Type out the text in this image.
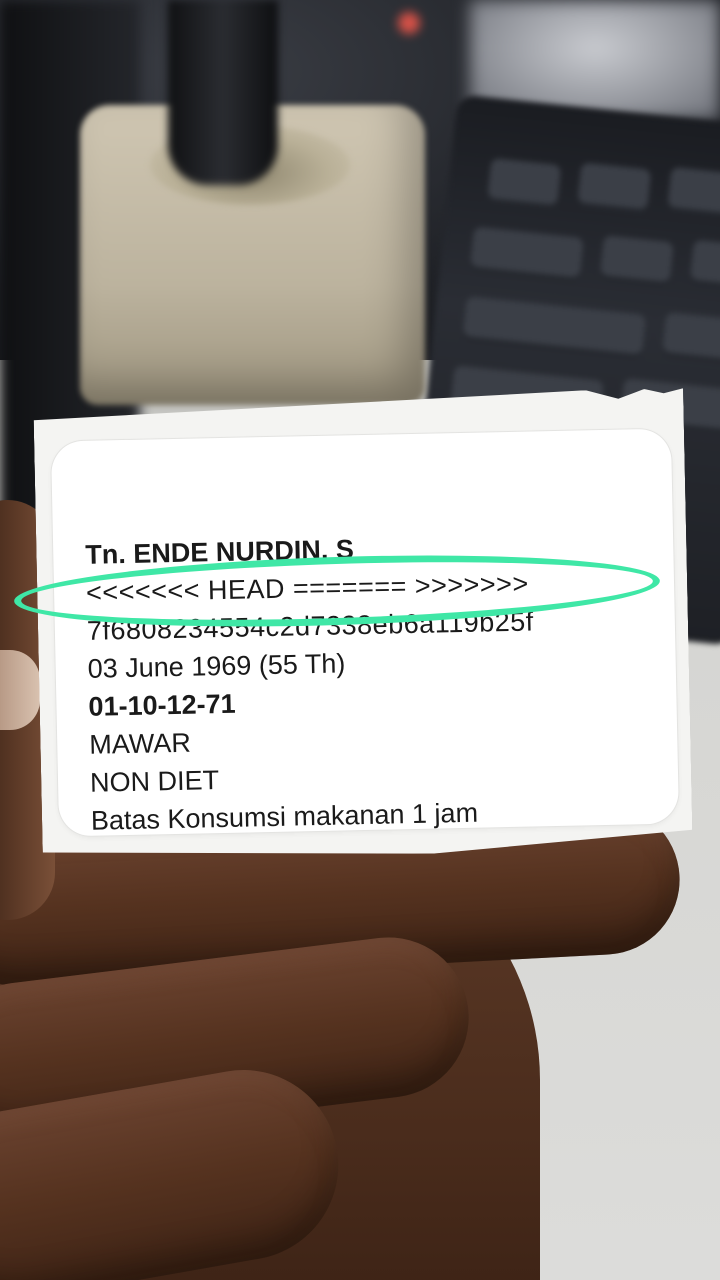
Tn. ENDE NURDIN, S
<<<<<<< HEAD ======= >>>>>>>
7f6808234554c2d7338eb6a119b25f
03 June 1969 (55 Th)
01-10-12-71
MAWAR
NON DIET
Batas Konsumsi makanan 1 jam
